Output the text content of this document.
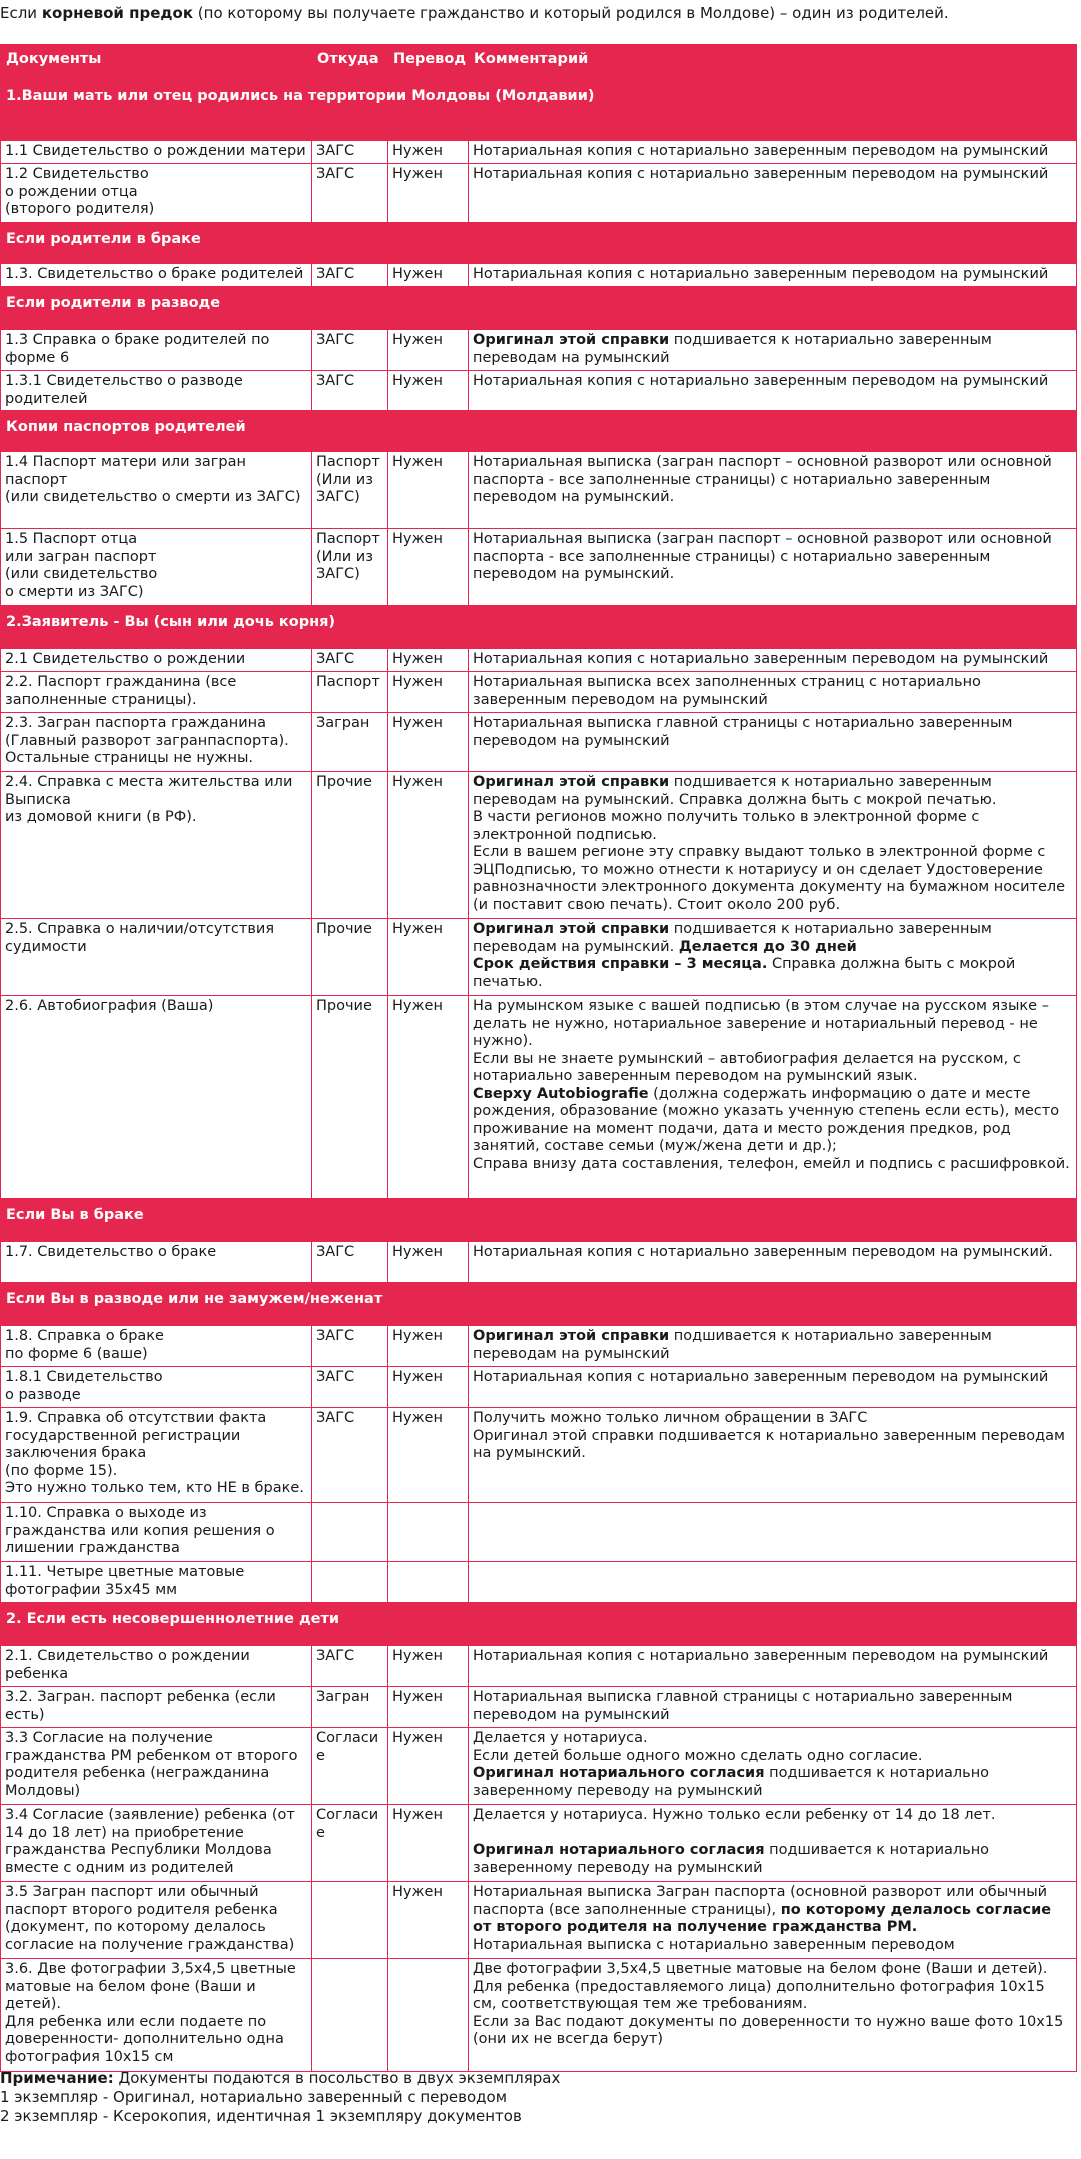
Если корневой предок (по которому вы получаете гражданство и который родился в Молдове) – один из родителей.
Документы	Откуда	Перевод	Комментарий
1.Ваши мать или отец родились на территории Молдовы (Молдавии)			
1.1 Свидетельство о рождении матери	ЗАГС	Нужен	Нотариальная копия с нотариально заверенным переводом на румынский
1.2 Свидетельство
о рождении отца
(второго родителя)	ЗАГС	Нужен	Нотариальная копия с нотариально заверенным переводом на румынский
Если родители в браке			
1.3. Свидетельство о браке родителей	ЗАГС	Нужен	Нотариальная копия с нотариально заверенным переводом на румынский
Если родители в разводе			
1.3 Справка о браке родителей по форме 6	ЗАГС	Нужен	Оригинал этой справки подшивается к нотариально заверенным переводам на румынский
1.3.1 Свидетельство о разводе родителей	ЗАГС	Нужен	Нотариальная копия с нотариально заверенным переводом на румынский
Копии паспортов родителей			
1.4 Паспорт матери или загран паспорт
(или свидетельство о смерти из ЗАГС)	Паспорт (Или из ЗАГС)	Нужен	Нотариальная выписка (загран паспорт – основной разворот или основной паспорта - все заполненные страницы) с нотариально заверенным переводом на румынский.
1.5 Паспорт отца
или загран паспорт
(или свидетельство
о смерти из ЗАГС)	Паспорт (Или из ЗАГС)	Нужен	Нотариальная выписка (загран паспорт – основной разворот или основной паспорта - все заполненные страницы) с нотариально заверенным переводом на румынский.
2.Заявитель - Вы (сын или дочь корня)			
2.1 Свидетельство о рождении	ЗАГС	Нужен	Нотариальная копия с нотариально заверенным переводом на румынский
2.2. Паспорт гражданина (все заполненные страницы).	Паспорт	Нужен	Нотариальная выписка всех заполненных страниц с нотариально заверенным переводом на румынский
2.3. Загран паспорта гражданина (Главный разворот загранпаспорта). Остальные страницы не нужны.	Загран	Нужен	Нотариальная выписка главной страницы с нотариально заверенным переводом на румынский
2.4. Справка с места жительства или Выписка
из домовой книги (в РФ).	Прочие	Нужен	Оригинал этой справки подшивается к нотариально заверенным переводам на румынский. Справка должна быть с мокрой печатью.
В части регионов можно получить только в электронной форме с электронной подписью.
Если в вашем регионе эту справку выдают только в электронной форме с ЭЦПодписью, то можно отнести к нотариусу и он сделает Удостоверение равнозначности электронного документа документу на бумажном носителе (и поставит свою печать). Стоит около 200 руб.
2.5. Справка о наличии/отсутствия судимости	Прочие	Нужен	Оригинал этой справки подшивается к нотариально заверенным переводам на румынский. Делается до 30 дней
Срок действия справки – 3 месяца. Справка должна быть с мокрой печатью.
2.6. Автобиография (Ваша)	Прочие	Нужен	На румынском языке с вашей подписью (в этом случае на русском языке – делать не нужно, нотариальное заверение и нотариальный перевод - не нужно).
Если вы не знаете румынский – автобиография делается на русском, с нотариально заверенным переводом на румынский язык.
Сверху Autobiografie (должна содержать информацию о дате и месте рождения, образование (можно указать ученную степень если есть), место проживание на момент подачи, дата и место рождения предков, род занятий, составе семьи (муж/жена дети и др.);
Справа внизу дата составления, телефон, емейл и подпись с расшифровкой.
Если Вы в браке			
1.7. Свидетельство о браке	ЗАГС	Нужен	Нотариальная копия с нотариально заверенным переводом на румынский.
Если Вы в разводе или не замужем/неженат			
1.8. Справка о браке
по форме 6 (ваше)	ЗАГС	Нужен	Оригинал этой справки подшивается к нотариально заверенным переводам на румынский
1.8.1 Свидетельство
о разводе	ЗАГС	Нужен	Нотариальная копия с нотариально заверенным переводом на румынский
1.9. Справка об отсутствии факта государственной регистрации заключения брака
(по форме 15).
Это нужно только тем, кто НЕ в браке.	ЗАГС	Нужен	Получить можно только личном обращении в ЗАГС
Оригинал этой справки подшивается к нотариально заверенным переводам на румынский.
1.10. Справка о выходе из гражданства или копия решения о лишении гражданства			
1.11. Четыре цветные матовые фотографии 35х45 мм			
2. Если есть несовершеннолетние дети			
2.1. Свидетельство о рождении ребенка	ЗАГС	Нужен	Нотариальная копия с нотариально заверенным переводом на румынский
3.2. Загран. паспорт ребенка (если есть)	Загран	Нужен	Нотариальная выписка главной страницы с нотариально заверенным переводом на румынский
3.3 Согласие на получение гражданства РМ ребенком от второго родителя ребенка (негражданина Молдовы)	Согласие	Нужен	Делается у нотариуса.
Если детей больше одного можно сделать одно согласие.
Оригинал нотариального согласия подшивается к нотариально заверенному переводу на румынский
3.4 Согласие (заявление) ребенка (от 14 до 18 лет) на приобретение гражданства Республики Молдова вместе с одним из родителей	Согласие	Нужен	Делается у нотариуса. Нужно только если ребенку от 14 до 18 лет.

Оригинал нотариального согласия подшивается к нотариально заверенному переводу на румынский
3.5 Загран паспорт или обычный паспорт второго родителя ребенка (документ, по которому делалось согласие на получение гражданства)		Нужен	Нотариальная выписка Загран паспорта (основной разворот или обычный паспорта (все заполненные страницы), по которому делалось согласие от второго родителя на получение гражданства РМ.
Нотариальная выписка с нотариально заверенным переводом
3.6. Две фотографии 3,5х4,5 цветные матовые на белом фоне (Ваши и детей).
Для ребенка или если подаете по доверенности- дополнительно одна фотография 10х15 см			Две фотографии 3,5х4,5 цветные матовые на белом фоне (Ваши и детей).
Для ребенка (предоставляемого лица) дополнительно фотография 10х15 см, соответствующая тем же требованиям.
Если за Вас подают документы по доверенности то нужно ваше фото 10х15 (они их не всегда берут)
Примечание: Документы подаются в посольство в двух экземплярах
1 экземпляр - Оригинал, нотариально заверенный с переводом
2 экземпляр - Ксерокопия, идентичная 1 экземпляру документов
